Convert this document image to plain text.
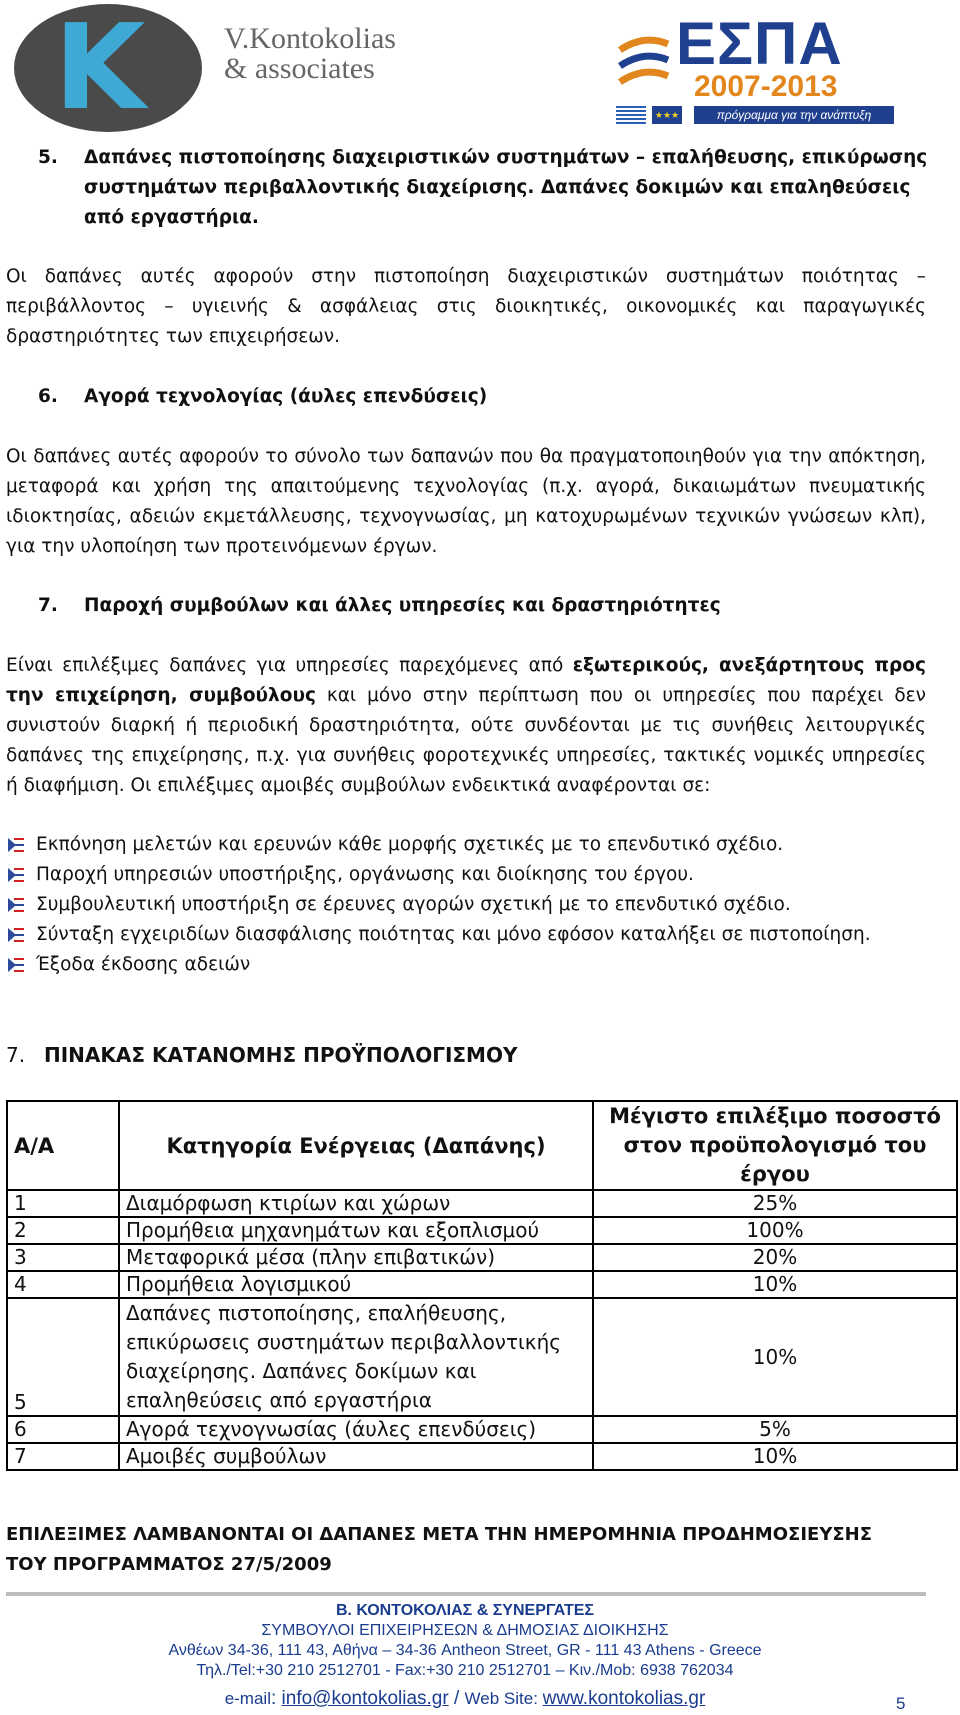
K	V.Kontokolias
& associates	ΕΣΠΑ
2007-2013
★★★	πρόγραμμα για την ανάπτυξη
5. Δαπάνες πιστοποίησης διαχειριστικών συστημάτων – επαλήθευσης, επικύρωσης
συστημάτων περιβαλλοντικής διαχείρισης. Δαπάνες δοκιμών και επαληθεύσεις
από εργαστήρια.
Οι δαπάνες αυτές αφορούν στην πιστοποίηση διαχειριστικών συστημάτων ποιότητας – περιβάλλοντος – υγιεινής & ασφάλειας στις διοικητικές, οικονομικές και παραγωγικές δραστηριότητες των επιχειρήσεων.
6. Αγορά τεχνολογίας (άυλες επενδύσεις)
Οι δαπάνες αυτές αφορούν το σύνολο των δαπανών που θα πραγματοποιηθούν για την απόκτηση, μεταφορά και χρήση της απαιτούμενης τεχνολογίας (π.χ. αγορά, δικαιωμάτων πνευματικής ιδιοκτησίας, αδειών εκμετάλλευσης, τεχνογνωσίας, μη κατοχυρωμένων τεχνικών γνώσεων κλπ), για την υλοποίηση των προτεινόμενων έργων.
7. Παροχή συμβούλων και άλλες υπηρεσίες και δραστηριότητες
Είναι επιλέξιμες δαπάνες για υπηρεσίες παρεχόμενες από εξωτερικούς, ανεξάρτητους προς την επιχείρηση, συμβούλους και μόνο στην περίπτωση που οι υπηρεσίες που παρέχει δεν συνιστούν διαρκή ή περιοδική δραστηριότητα, ούτε συνδέονται με τις συνήθεις λειτουργικές δαπάνες της επιχείρησης, π.χ. για συνήθεις φοροτεχνικές υπηρεσίες, τακτικές νομικές υπηρεσίες ή διαφήμιση. Οι επιλέξιμες αμοιβές συμβούλων ενδεικτικά αναφέρονται σε:
Εκπόνηση μελετών και ερευνών κάθε μορφής σχετικές με το επενδυτικό σχέδιο.
Παροχή υπηρεσιών υποστήριξης, οργάνωσης και διοίκησης του έργου.
Συμβουλευτική υποστήριξη σε έρευνες αγορών σχετική με το επενδυτικό σχέδιο.
Σύνταξη εγχειριδίων διασφάλισης ποιότητας και μόνο εφόσον καταλήξει σε πιστοποίηση.
Έξοδα έκδοσης αδειών
7. ΠΙΝΑΚΑΣ ΚΑΤΑΝΟΜΗΣ ΠΡΟΫΠΟΛΟΓΙΣΜΟΥ
Α/Α	Κατηγορία Ενέργειας (Δαπάνης)	Μέγιστο επιλέξιμο ποσοστό στον προϋπολογισμό του έργου
1	Διαμόρφωση κτιρίων και χώρων	25%
2	Προμήθεια μηχανημάτων και εξοπλισμού	100%
3	Μεταφορικά μέσα (πλην επιβατικών)	20%
4	Προμήθεια λογισμικού	10%
5	Δαπάνες πιστοποίησης, επαλήθευσης, επικύρωσεις συστημάτων περιβαλλοντικής διαχείρησης. Δαπάνες δοκίμων και επαληθεύσεις από εργαστήρια	10%
6	Αγορά τεχνογνωσίας (άυλες επενδύσεις)	5%
7	Αμοιβές συμβούλων	10%
ΕΠΙΛΕΞΙΜΕΣ ΛΑΜΒΑΝΟΝΤΑΙ ΟΙ ΔΑΠΑΝΕΣ ΜΕΤΑ ΤΗΝ ΗΜΕΡΟΜΗΝΙΑ ΠΡΟΔΗΜΟΣΙΕΥΣΗΣ
ΤΟΥ ΠΡΟΓΡΑΜΜΑΤΟΣ 27/5/2009
Β. ΚΟΝΤΟΚΟΛΙΑΣ & ΣΥΝΕΡΓΑΤΕΣ
ΣΥΜΒΟΥΛΟΙ ΕΠΙΧΕΙΡΗΣΕΩΝ & ΔΗΜΟΣΙΑΣ ΔΙΟΙΚΗΣΗΣ
Ανθέων 34-36, 111 43, Αθήνα – 34-36 Antheon Street, GR - 111 43 Athens - Greece
Τηλ./Tel:+30 210 2512701 - Fax:+30 210 2512701 – Κιν./Mob: 6938 762034
e-mail: info@kontokolias.gr / Web Site: www.kontokolias.gr	5
